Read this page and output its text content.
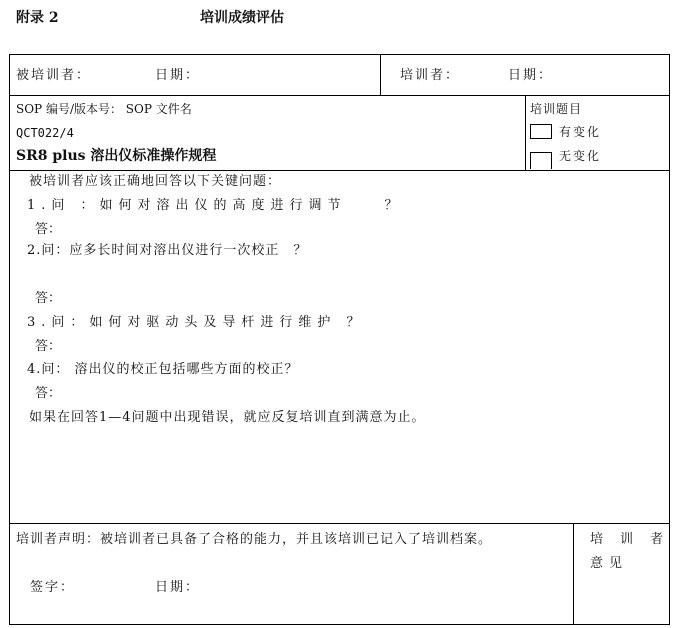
附录 2	培训成绩评估
被培训者：	日期：	培训者：	日期：
SOP 编号/版本号： SOP 文件名
QCT022/4
SR8 plus 溶出仪标准操作规程
培训题目
有变化
无变化
被培训者应该正确地回答以下关键问题：
1.问 ：如何对溶出仪的高度进行调节　　？
答：
2.问：应多长时间对溶出仪进行一次校正　？
答：
3.问：如何对驱动头及导杆进行维护 ？
答：
4.问： 溶出仪的校正包括哪些方面的校正？
答：
如果在回答1—4问题中出现错误，就应反复培训直到满意为止。
培训者声明：被培训者已具备了合格的能力，并且该培训已记入了培训档案。
签字：	日期：
培　训　者
意见
